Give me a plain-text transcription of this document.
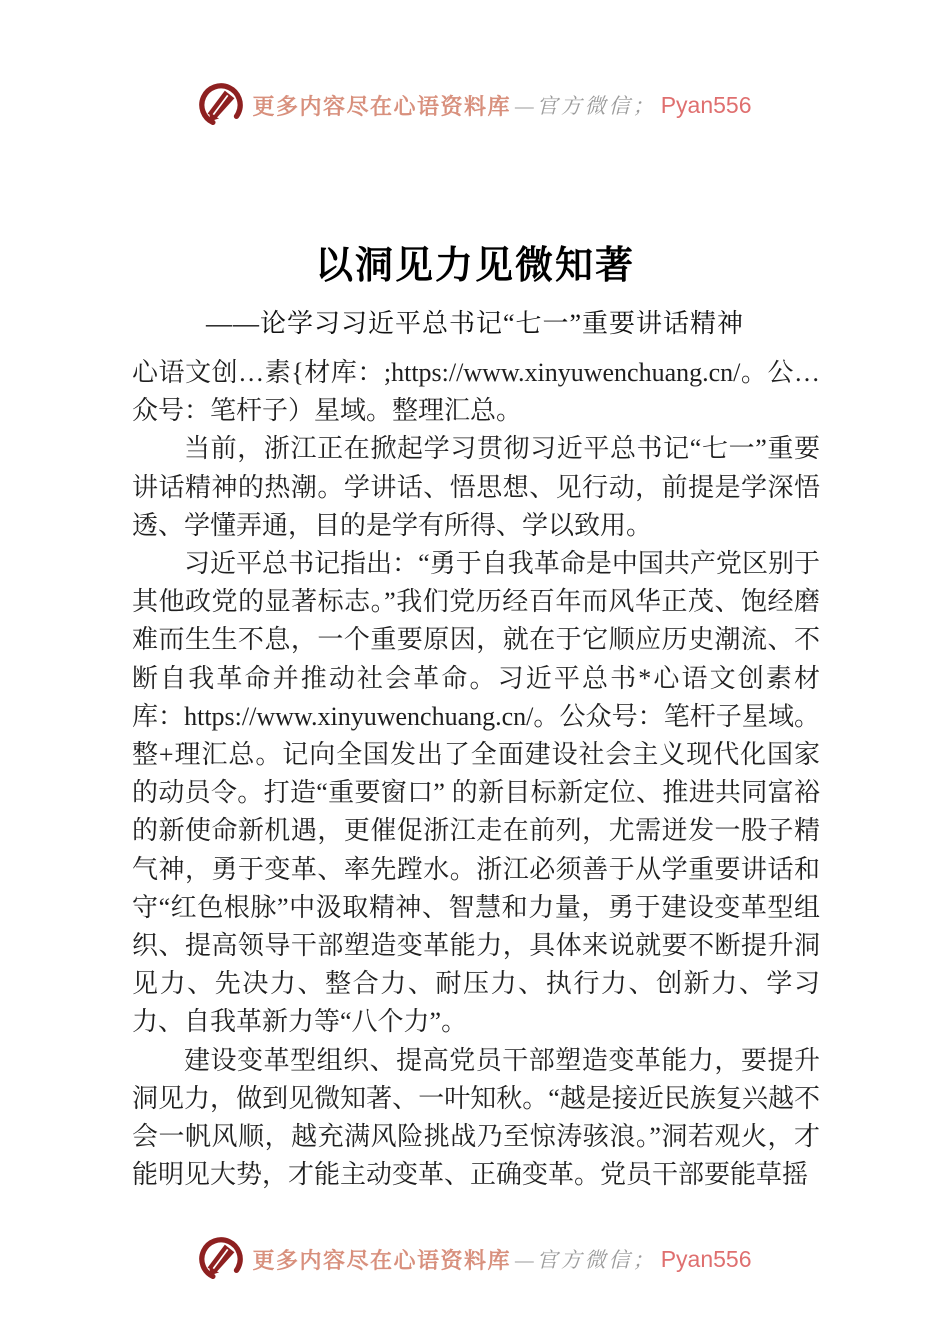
更多内容尽在心语资料库 —官方微信； Pyan556
以洞见力见微知著
——论学习习近平总书记“七一”重要讲话精神

心语文创…素{材库：;https://www.xinyuwenchuang.cn/。公…众号：笔杆子）星域。整理汇总。

当前，浙江正在掀起学习贯彻习近平总书记“七一”重要讲话精神的热潮。学讲话、悟思想、见行动，前提是学深悟透、学懂弄通，目的是学有所得、学以致用。

习近平总书记指出：“勇于自我革命是中国共产党区别于其他政党的显著标志。”我们党历经百年而风华正茂、饱经磨难而生生不息，一个重要原因，就在于它顺应历史潮流、不断自我革命并推动社会革命。习近平总书*心语文创素材库：https://www.xinyuwenchuang.cn/。公众号：笔杆子星域。整+理汇总。记向全国发出了全面建设社会主义现代化国家的动员令。打造“重要窗口” 的新目标新定位、推进共同富裕的新使命新机遇，更催促浙江走在前列，尤需迸发一股子精气神，勇于变革、率先蹚水。浙江必须善于从学重要讲话和守“红色根脉”中汲取精神、智慧和力量，勇于建设变革型组织、提高领导干部塑造变革能力，具体来说就要不断提升洞见力、先决力、整合力、耐压力、执行力、创新力、学习力、自我革新力等“八个力”。

建设变革型组织、提高党员干部塑造变革能力，要提升洞见力，做到见微知著、一叶知秋。“越是接近民族复兴越不会一帆风顺，越充满风险挑战乃至惊涛骇浪。”洞若观火，才能明见大势，才能主动变革、正确变革。党员干部要能草摇

更多内容尽在心语资料库 —官方微信； Pyan556
